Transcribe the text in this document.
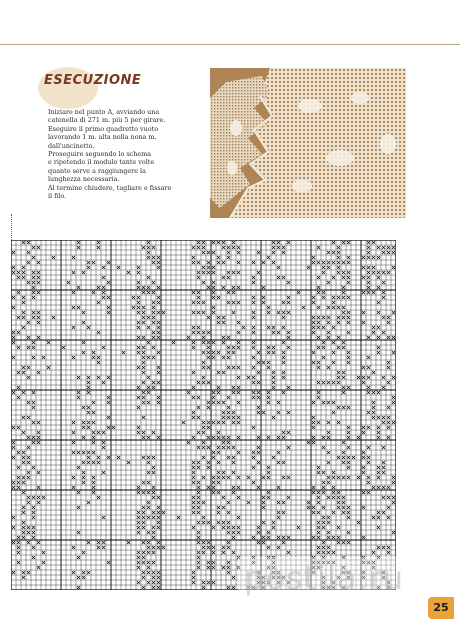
ESECUZIONE

Iniziare nel punto A, avviando una

catenella di 271 m. più 5 per girare.

Eseguire il primo quadretto vuoto

lavorando 1 m. alta nella nona m.

dall'uncinetto.

Proseguire seguendo lo schema

e ripetendo il modulo tante volte

quanto serve a raggiungere la

lunghezza necessaria.

Al termine chiudere, tagliare e fissare

il filo.

postila.ru

25
